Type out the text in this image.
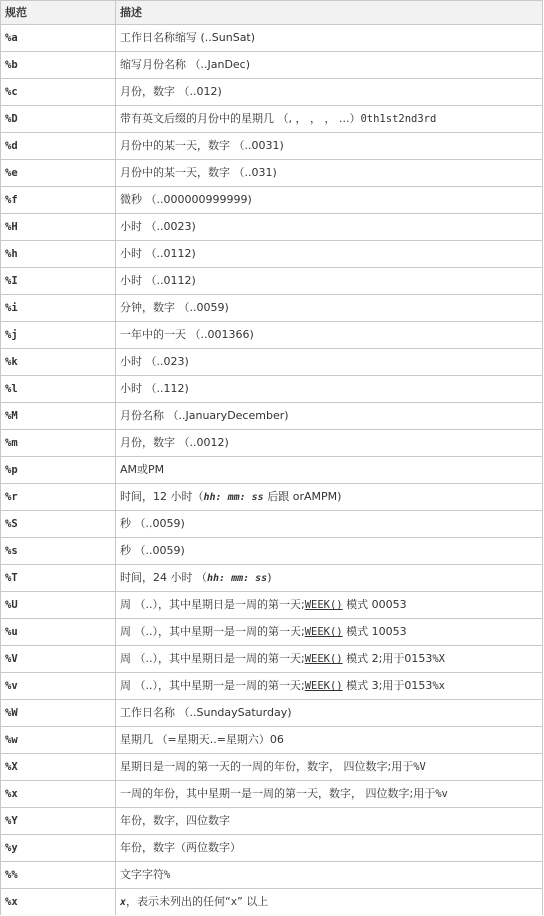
规范	描述
%a	工作日名称缩写 (..SunSat)
%b	缩写月份名称 （..JanDec)
%c	月份，数字 （..012)
%D	带有英文后缀的月份中的星期几 （, ， ， ， ...）0th1st2nd3rd
%d	月份中的某一天，数字 （..0031)
%e	月份中的某一天，数字 （..031)
%f	微秒 （..000000999999)
%H	小时 （..0023)
%h	小时 （..0112)
%I	小时 （..0112)
%i	分钟，数字 （..0059)
%j	一年中的一天 （..001366)
%k	小时 （..023)
%l	小时 （..112)
%M	月份名称 （..JanuaryDecember)
%m	月份，数字 （..0012)
%p	AM或PM
%r	时间，12 小时（hh: mm: ss 后跟 orAMPM)
%S	秒 （..0059)
%s	秒 （..0059)
%T	时间，24 小时 （hh: mm: ss)
%U	周 （..），其中星期日是一周的第一天;WEEK() 模式 00053
%u	周 （..），其中星期一是一周的第一天;WEEK() 模式 10053
%V	周 （..），其中星期日是一周的第一天;WEEK() 模式 2;用于0153%X
%v	周 （..），其中星期一是一周的第一天;WEEK() 模式 3;用于0153%x
%W	工作日名称 （..SundaySaturday)
%w	星期几 （=星期天..=星期六）06
%X	星期日是一周的第一天的一周的年份，数字， 四位数字;用于%V
%x	一周的年份，其中星期一是一周的第一天，数字， 四位数字;用于%v
%Y	年份，数字，四位数字
%y	年份，数字（两位数字）
%%	文字字符%
%x	x，表示未列出的任何“x” 以上
